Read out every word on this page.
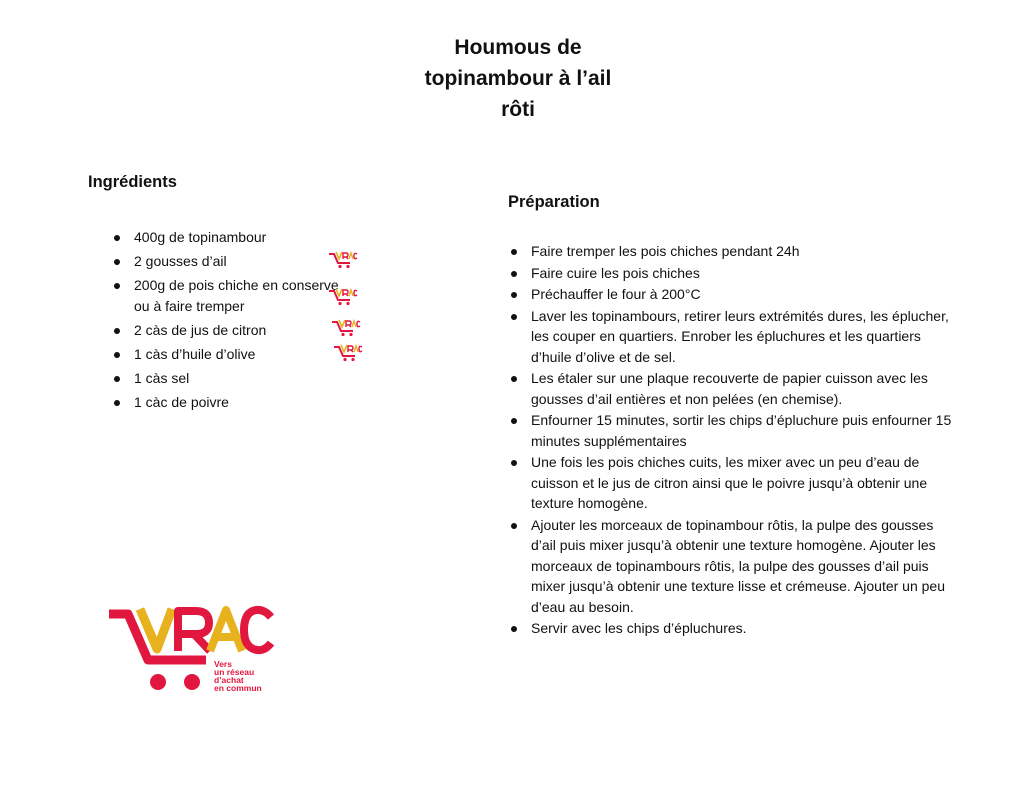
Houmous de
topinambour à l’ail
rôti
Ingrédients
400g de topinambour
2 gousses d’ail
200g de pois chiche en conserve ou à faire tremper
2 càs de jus de citron
1 càs d’huile d’olive
1 càs sel
1 càc de poivre
Préparation
Faire tremper les pois chiches pendant 24h
Faire cuire les pois chiches
Préchauffer le four à 200°C
Laver les topinambours, retirer leurs extrémités dures, les éplucher, les couper en quartiers. Enrober les épluchures et les quartiers d’huile d’olive et de sel.
Les étaler sur une plaque recouverte de papier cuisson avec les gousses d’ail entières et non pelées (en chemise).
Enfourner 15 minutes, sortir les chips d’épluchure puis enfourner 15 minutes supplémentaires
Une fois les pois chiches cuits, les mixer avec un peu d’eau de cuisson et le jus de citron ainsi que le poivre jusqu’à obtenir une texture homogène.
Ajouter les morceaux de topinambour rôtis, la pulpe des gousses d’ail puis mixer jusqu’à obtenir une texture homogène. Ajouter les morceaux de topinambours rôtis, la pulpe des gousses d’ail puis mixer jusqu’à obtenir une texture lisse et crémeuse. Ajouter un peu d’eau au besoin.
Servir avec les chips d’épluchures.
Vers
un réseau
d’achat
en commun
